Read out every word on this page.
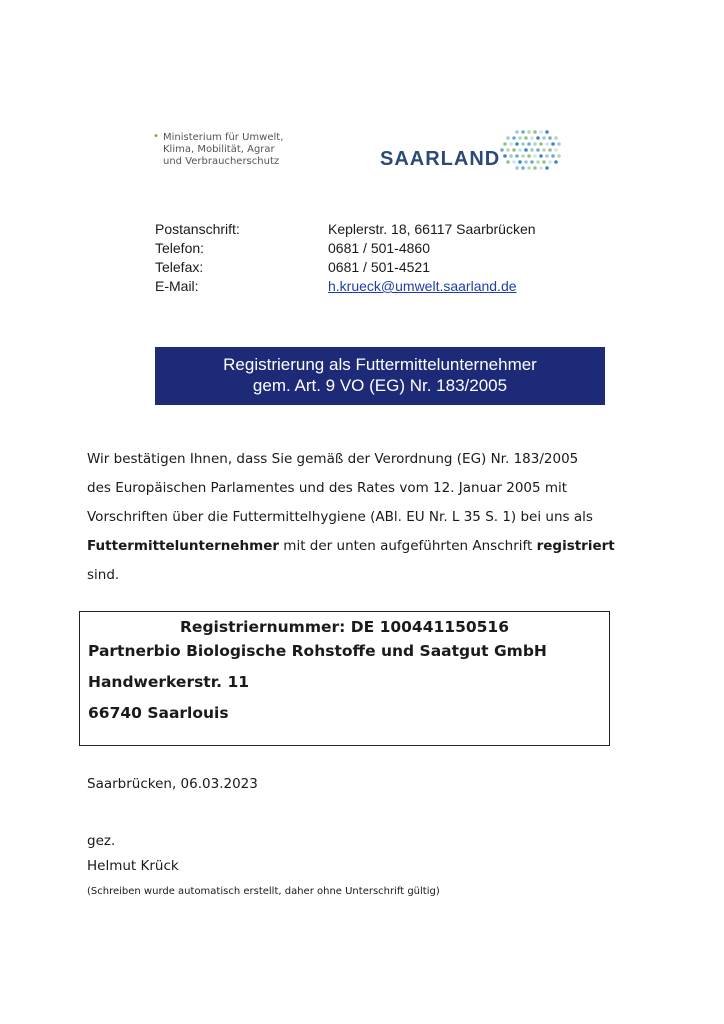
• Ministerium für Umwelt,
Klima, Mobilität, Agrar
und Verbraucherschutz	SAARLAND
Postanschrift:	Keplerstr. 18, 66117 Saarbrücken
Telefon:	0681 / 501-4860
Telefax:	0681 / 501-4521
E-Mail:	h.krueck@umwelt.saarland.de
Registrierung als Futtermittelunternehmer
gem. Art. 9 VO (EG) Nr. 183/2005
Wir bestätigen Ihnen, dass Sie gemäß der Verordnung (EG) Nr. 183/2005
des Europäischen Parlamentes und des Rates vom 12. Januar 2005 mit
Vorschriften über die Futtermittelhygiene (ABl. EU Nr. L 35 S. 1) bei uns als
Futtermittelunternehmer mit der unten aufgeführten Anschrift registriert
sind.
Registriernummer: DE 100441150516
Partnerbio Biologische Rohstoffe und Saatgut GmbH
Handwerkerstr. 11
66740 Saarlouis
Saarbrücken, 06.03.2023
gez.
Helmut Krück
(Schreiben wurde automatisch erstellt, daher ohne Unterschrift gültig)
